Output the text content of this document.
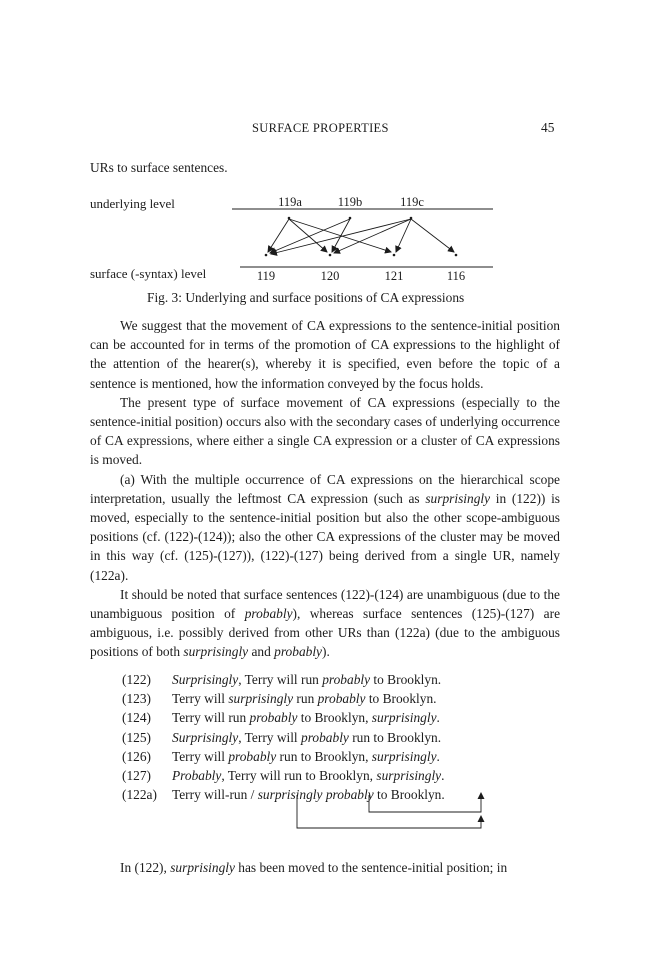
SURFACE PROPERTIES	45
URs to surface sentences.
underlying level
surface (-syntax) level
119a	119b	119c
119	120	121	116
Fig. 3: Underlying and surface positions of CA expressions

We suggest that the movement of CA expressions to the sentence-initial position can be accounted for in terms of the promotion of CA expressions to the highlight of the attention of the hearer(s), whereby it is specified, even before the topic of a sentence is mentioned, how the information conveyed by the focus holds.

The present type of surface movement of CA expressions (especially to the sentence-initial position) occurs also with the secondary cases of underlying occurrence of CA expressions, where either a single CA expression or a cluster of CA expressions is moved.

(a) With the multiple occurrence of CA expressions on the hierarchical scope interpretation, usually the leftmost CA expression (such as surprisingly in (122)) is moved, especially to the sentence-initial position but also the other scope-ambiguous positions (cf. (122)-(124)); also the other CA expressions of the cluster may be moved in this way (cf. (125)-(127)), (122)-(127) being derived from a single UR, namely (122a).

It should be noted that surface sentences (122)-(124) are unambiguous (due to the unambiguous position of probably), whereas surface sentences (125)-(127) are ambiguous, i.e. possibly derived from other URs than (122a) (due to the ambiguous positions of both surprisingly and probably).

(122) Surprisingly, Terry will run probably to Brooklyn.
(123) Terry will surprisingly run probably to Brooklyn.
(124) Terry will run probably to Brooklyn, surprisingly.
(125) Surprisingly, Terry will probably run to Brooklyn.
(126) Terry will probably run to Brooklyn, surprisingly.
(127) Probably, Terry will run to Brooklyn, surprisingly.
(122a) Terry will-run / surprisingly probably to Brooklyn.
In (122), surprisingly has been moved to the sentence-initial position; in
